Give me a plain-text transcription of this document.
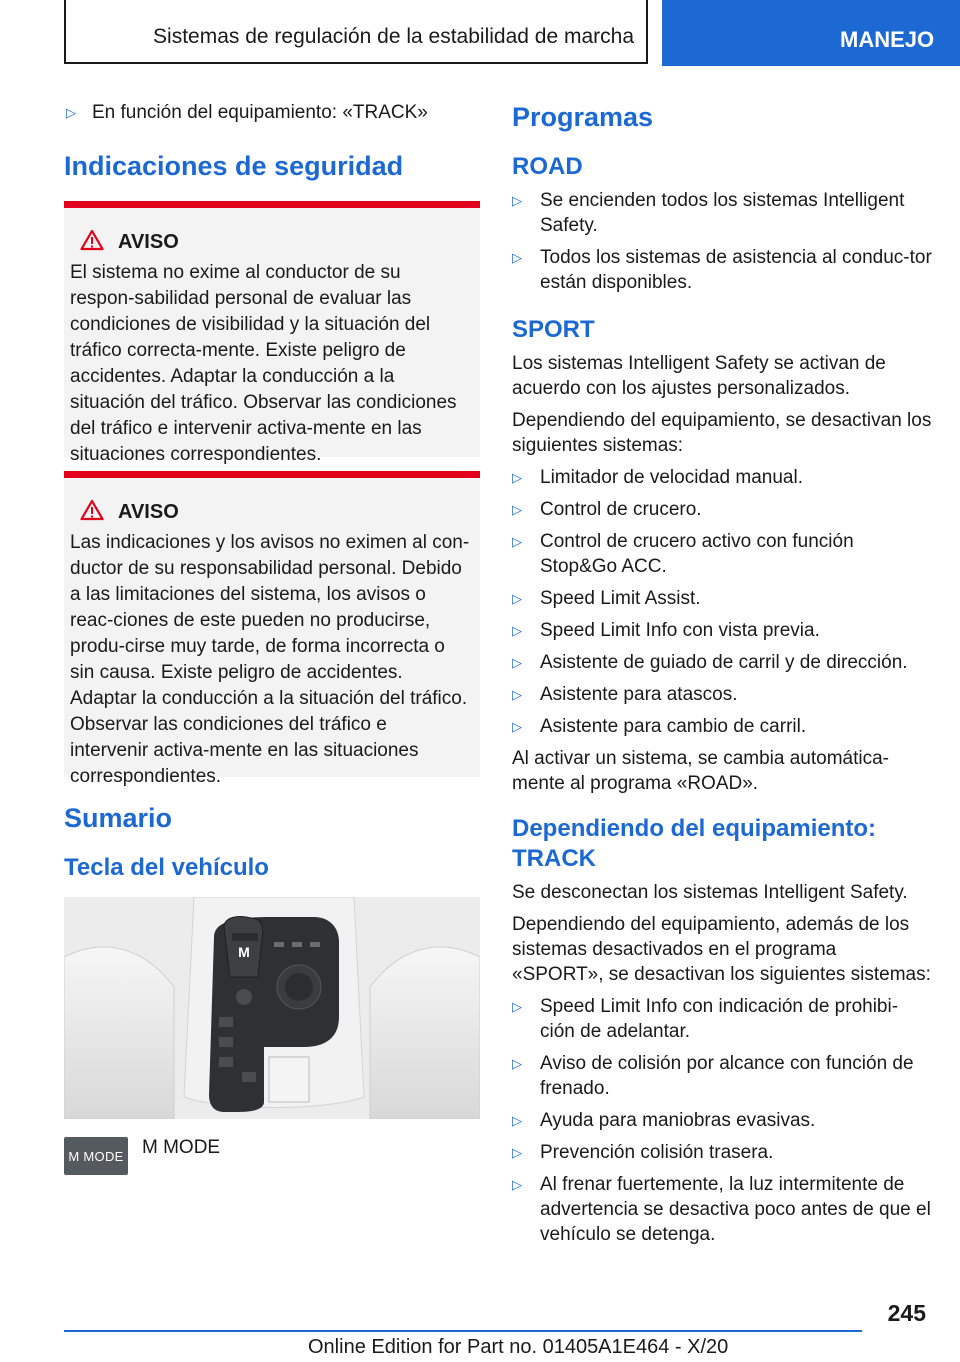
Sistemas de regulación de la estabilidad de marcha	MANEJO
▷ En función del equipamiento: «TRACK»
Indicaciones de seguridad
AVISO
El sistema no exime al conductor de su respon-sabilidad personal de evaluar las condiciones de visibilidad y la situación del tráfico correcta-mente. Existe peligro de accidentes. Adaptar la conducción a la situación del tráfico. Observar las condiciones del tráfico e intervenir activa-mente en las situaciones correspondientes.
AVISO
Las indicaciones y los avisos no eximen al con-ductor de su responsabilidad personal. Debido a las limitaciones del sistema, los avisos o reac-ciones de este pueden no producirse, produ-cirse muy tarde, de forma incorrecta o sin causa. Existe peligro de accidentes. Adaptar la conducción a la situación del tráfico. Observar las condiciones del tráfico e intervenir activa-mente en las situaciones correspondientes.
Sumario
Tecla del vehículo
M
M MODE M MODE
Programas
ROAD
▷ Se encienden todos los sistemas Intelligent Safety.
▷ Todos los sistemas de asistencia al conduc-tor están disponibles.
SPORT

Los sistemas Intelligent Safety se activan de acuerdo con los ajustes personalizados.

Dependiendo del equipamiento, se desactivan los siguientes sistemas:

▷ Limitador de velocidad manual.
▷ Control de crucero.
▷ Control de crucero activo con función Stop&Go ACC.
▷ Speed Limit Assist.
▷ Speed Limit Info con vista previa.
▷ Asistente de guiado de carril y de dirección.
▷ Asistente para atascos.
▷ Asistente para cambio de carril.

Al activar un sistema, se cambia automática-mente al programa «ROAD».

Dependiendo del equipamiento: TRACK

Se desconectan los sistemas Intelligent Safety.

Dependiendo del equipamiento, además de los sistemas desactivados en el programa «SPORT», se desactivan los siguientes sistemas:

▷ Speed Limit Info con indicación de prohibi-ción de adelantar.
▷ Aviso de colisión por alcance con función de frenado.
▷ Ayuda para maniobras evasivas.
▷ Prevención colisión trasera.
▷ Al frenar fuertemente, la luz intermitente de advertencia se desactiva poco antes de que el vehículo se detenga.
245
Online Edition for Part no. 01405A1E464 - X/20
